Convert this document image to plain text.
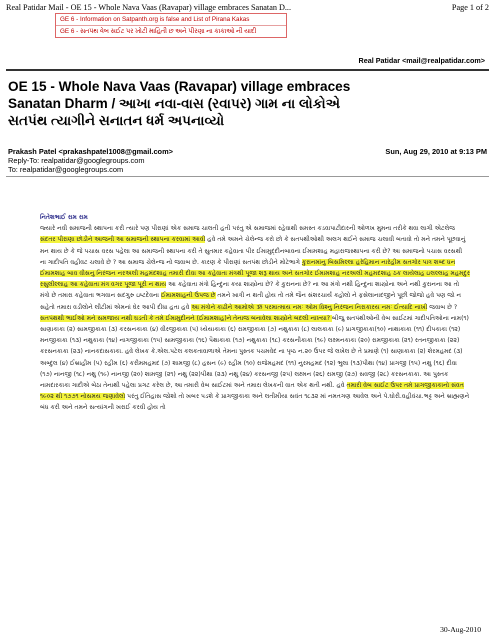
Real Patidar Mail - OE 15 - Whole Nava Vaas (Ravapar) village embraces Sanatan D...	Page 1 of 2
GE 6 - Information on Satpanth.org is false and List of Pirana Kakas
GE 6 - સતપંથ વેબ સઈટ પર ખોટી માહિતી છ અને પીરણા ના કાકાઓ ની યાદી
Real Patidar <mail@realpatidar.com>
OE 15 - Whole Nava Vaas (Ravapar) village embraces
Sanatan Dharm / આખા નવા-વાસ (રવાપર) ગામ ના લોકોએ
સતપંથ ત્યાગીને સનાતન ધર્મ અપનાવ્યો
Prakash Patel <prakashpatel1008@gmail.com>	Sun, Aug 29, 2010 at 9:13 PM
Reply-To: realpatidar@googlegroups.com
To: realpatidar@googlegroups.com
નિતેશભાઈ રામ રામ

જ્યારે નવી સમાજની સ્થાપના કરી ત્યારે પણ પીરાણાં એક સમાજ ચાલતી હતી પરંતુ એ સમાજમાં રહેવાથી સમસ્ત કડવાપાટીદારની ઓળખ મુમના તરીકે થવા લાગી એટલેજ સંદતર પીરાણા છોડીને આજની આ સમાજની સ્થાપના કરવામાં આવી હવે તમે અમને ચેલેન્જ કરો છો કે સતપથીઓથી અલગ થઈને સમાજ ચલાવી બતાવો તો મને તમને પૂછવાનું મન થાય છે કે જે પચાસ વરસ પહેલા આ સમાજની સ્થાપના કરી તે સુતમાર કહેવાતા પીર ઈમામુદ્દીનબાવના ઈમામશાહ મહારાજસ્થાપના કરી છે? આ સમાજનો પચાસ વરસથી ના ગાદીપતિ વહીવટ ચલાવે છે ? આ સમાજ ચેલેન્જ નો જવાબ છે. કારણ કે પીરાણાં સતપંથ છોડીને મોટેભાગે કુરાનમાંનુ બિસમિલ્લા હરેહિમાન નારેહીમ સતગોર પાત્ર શબ્દ ધન ઈમામશાહ બાવ વીસનુ નિરંજન નરઅલી મહમંદશાહ તમારી દીવા આ કહેવાતા મંત્રથી પૂજા શરૂ થાય અને સતગોર ઈમામશાહ નરઅલી મહમદશાહ ઠક લાયેલાહ ઇલલ્લાહ મહમદુર રસુલીલ્લાહ આ કહેવાતા મંત્ર વગર પૂજા પૂરી ન થાય આ કહેવાતા મંત્રો હિન્દુના કયા શાસ્ત્રોના છે? કે કુરાનના છે? ના આ મંત્રો નથી હિન્દુના શાસ્ત્રોના અને નથી કુરાનના આ તો મંત્રો છે તમારા કહેવાતા ભગવાન સદગુરુ ઇષ્ટદેવના ઈમામશાહની ઉપજ છે તમને ખાત્રી ન થતી હોય તો તમે જૈન સંશરચાર્ય કહોલો ને ફસેલાનાદજીને પૂછી જોજો હવે પણ જો ન સહેતો તમારા વડીલોને લીટીમાં એમનાં ઘેર આપી દીધા હતા હવે આ મંત્રોને કાઢીને આમોએ ૐ પરમાત્માય નમઃ ઓમ વિશ્નુ નિરંજન નિરાકારય નમઃ ઈત્યાદિ નાખી જવાબ છે ?

સતપંથથી ભાઈઓ મને સમજાય નથી ઘડતી કે તમે ઈમામુદીનને (ઈમામશાહ)ને તેનાજ બનાવેલા શાસ્ત્રોને બદલી નાખ્યા? બીજુ સતપંથીઓની વેબ સાઈટમાં ગાદીપતિઓના નામ(૧) સાણાકાકા (૨) સામજીકાકા (૩) કરસનકાકા (૪) વીરજીકાકા (૫) ધ્યેયાકાકા (૬) રામજીકાકા (૭) નથુકાકા (૮) લાલકાકા (૯) પ્રાગજીકાકા(૧૦) નાથાકાકા (૧૧) દીપકાકા (૧૨) મનજીકાકા (૧૩) નથુકાકા (૧૪) નાગજીકાકા (૧૫) સામજીકાકા (૧૬) પૈથાકાકા (૧૭) નથુકાકા (૧૮) કરસનીકાકા (૧૯) લક્ષ્મનકાકા (૨૦) રામજીકાકા (૨૧) રતનજીકાકા (૨૨) કરસનકાકા (૨૩) નાનકદાસકાકા. હવે લેખક કે.એલ.પટેલ કલકતાવાળાએ તેમના પુસ્તક પચમવેદ ના પૃષ્ઠ ન.૨૦ ઉપર જે લખેલ છે તે પ્રમાણે (૧) સાણાકાકા (૨) શેરમહમદ (૩) અબ્દુલ (૪) ઈબ્રાહીમ (૫) રહીમ (૬) કરીમમહમદ (૭) શામજી (૮) હસન (૯) રહીમ (૧૦) રાજેમહમદ (૧૧) નુરમહમદ (૧૨) ભુલા (૧૩)પીથા (૧૪) પ્રાગજી (૧૫) નથુ (૧૬) દીવા (૧૭) નાનજી (૧૮) નથુ (૧૯) નાનજી (૨૦) શામજી (૨૧) નથુ (૨૨)પીથા (૨૩) નથુ (૨૪) કરસનજી (૨૫) લક્ષ્મન (૨૬) રામજી (૨૭) સવજી (૨૮) કરસનકાકા. આ પુસ્તક નામદારકાકા ગાદીએ બેઠા તેનાથી પહેલા પ્રગટ કરેલ છે, આ તમારી વેબ સાઈટમાં અને તમારા લેખકની વાત એક થતી નથી. હવે તમારી વેબ સાઈટ ઉપર તમે પ્રાગજીકાકાનો સંવત ૧૯૦૨ થી ૧૭૭૧ નોસમય જણાવેલો પરંતુ ઈતિહાસ જોશો તો ખબર પડશે કે પ્રાગજીકાકા અને લતીમીયા સવંત ૧૮૩૨ માં નમતગણ આવેલ અને પે.ઘોરી.વહીવંચા.ભટ્ટ અને બ્રાહ્મણને બંધ કરી અને તમને સત્યાંગની ખરાઈ કરવી હોય તો

30-Aug-2010
